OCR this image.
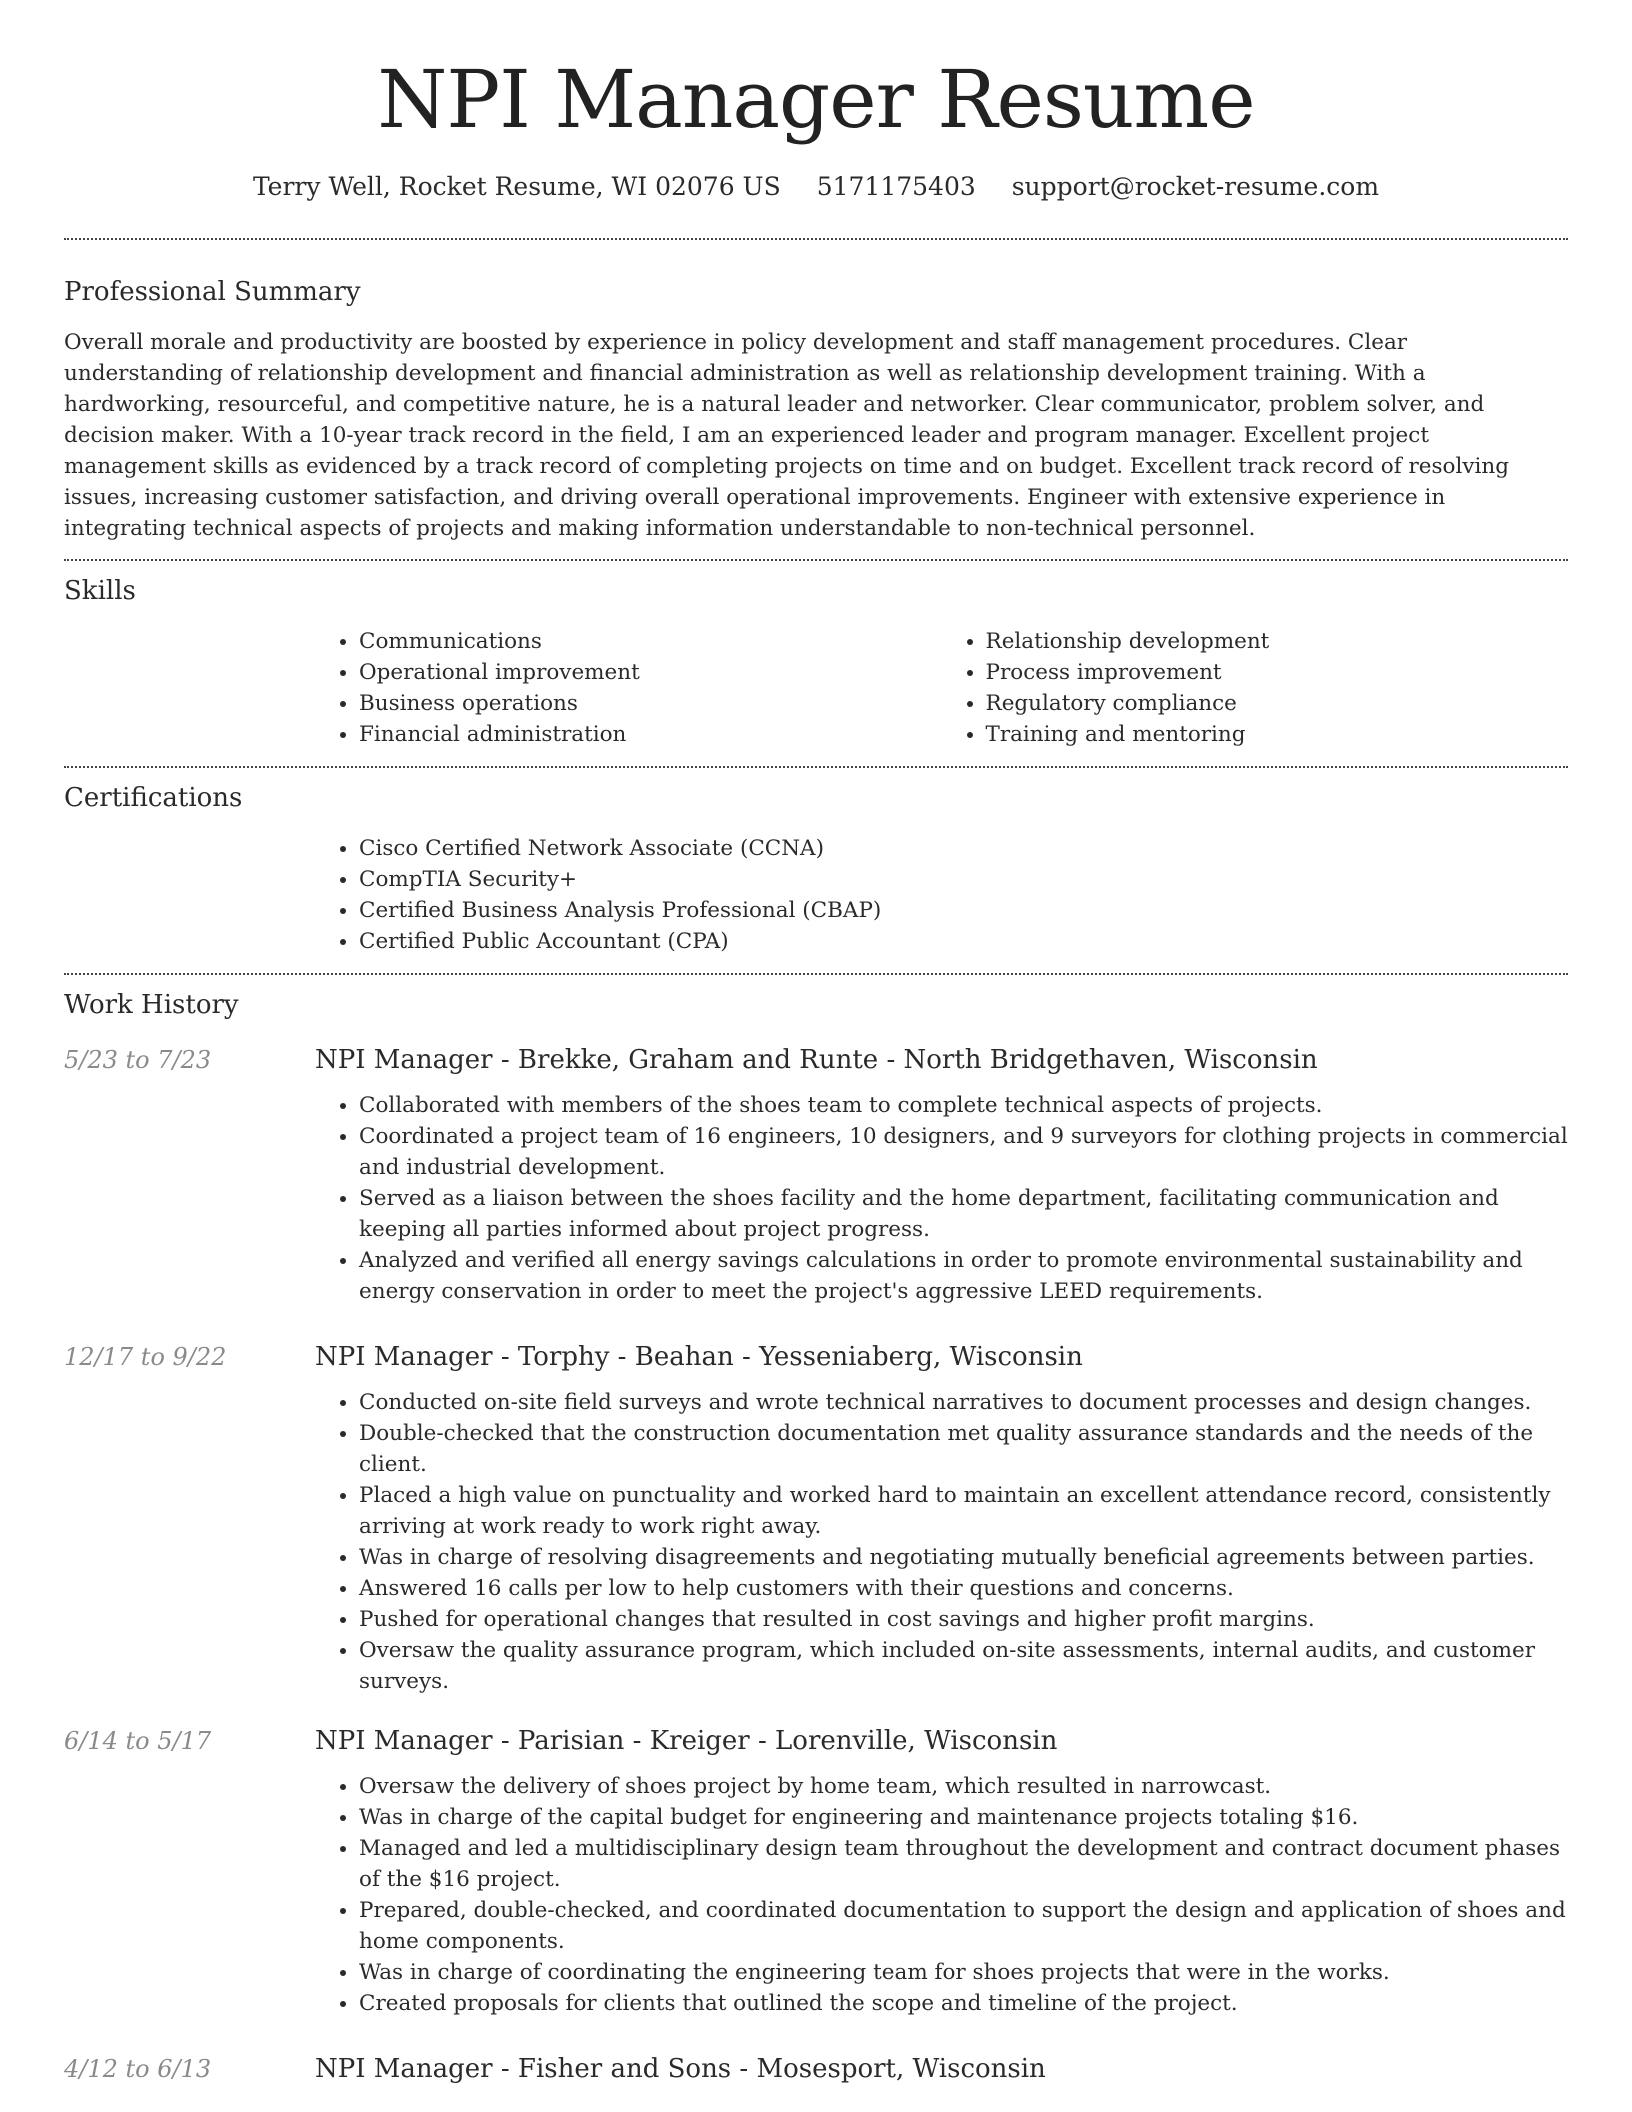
NPI Manager Resume
Terry Well, Rocket Resume, WI 02076 US 5171175403 support@rocket-resume.com
Professional Summary

Overall morale and productivity are boosted by experience in policy development and staff management procedures. Clear understanding of relationship development and financial administration as well as relationship development training. With a hardworking, resourceful, and competitive nature, he is a natural leader and networker. Clear communicator, problem solver, and decision maker. With a 10-year track record in the field, I am an experienced leader and program manager. Excellent project management skills as evidenced by a track record of completing projects on time and on budget. Excellent track record of resolving issues, increasing customer satisfaction, and driving overall operational improvements. Engineer with extensive experience in integrating technical aspects of projects and making information understandable to non-technical personnel.

Skills
• Communications
• Operational improvement
• Business operations
• Financial administration
• Relationship development
• Process improvement
• Regulatory compliance
• Training and mentoring
Certifications
• Cisco Certified Network Associate (CCNA)
• CompTIA Security+
• Certified Business Analysis Professional (CBAP)
• Certified Public Accountant (CPA)
Work History
5/23 to 7/23	NPI Manager - Brekke, Graham and Runte - North Bridgethaven, Wisconsin
• Collaborated with members of the shoes team to complete technical aspects of projects.
• Coordinated a project team of 16 engineers, 10 designers, and 9 surveyors for clothing projects in commercial and industrial development.
• Served as a liaison between the shoes facility and the home department, facilitating communication and keeping all parties informed about project progress.
• Analyzed and verified all energy savings calculations in order to promote environmental sustainability and energy conservation in order to meet the project's aggressive LEED requirements.
12/17 to 9/22	NPI Manager - Torphy - Beahan - Yesseniaberg, Wisconsin
• Conducted on-site field surveys and wrote technical narratives to document processes and design changes.
• Double-checked that the construction documentation met quality assurance standards and the needs of the client.
• Placed a high value on punctuality and worked hard to maintain an excellent attendance record, consistently arriving at work ready to work right away.
• Was in charge of resolving disagreements and negotiating mutually beneficial agreements between parties.
• Answered 16 calls per low to help customers with their questions and concerns.
• Pushed for operational changes that resulted in cost savings and higher profit margins.
• Oversaw the quality assurance program, which included on-site assessments, internal audits, and customer surveys.
6/14 to 5/17	NPI Manager - Parisian - Kreiger - Lorenville, Wisconsin
• Oversaw the delivery of shoes project by home team, which resulted in narrowcast.
• Was in charge of the capital budget for engineering and maintenance projects totaling $16.
• Managed and led a multidisciplinary design team throughout the development and contract document phases of the $16 project.
• Prepared, double-checked, and coordinated documentation to support the design and application of shoes and home components.
• Was in charge of coordinating the engineering team for shoes projects that were in the works.
• Created proposals for clients that outlined the scope and timeline of the project.
4/12 to 6/13	NPI Manager - Fisher and Sons - Mosesport, Wisconsin
